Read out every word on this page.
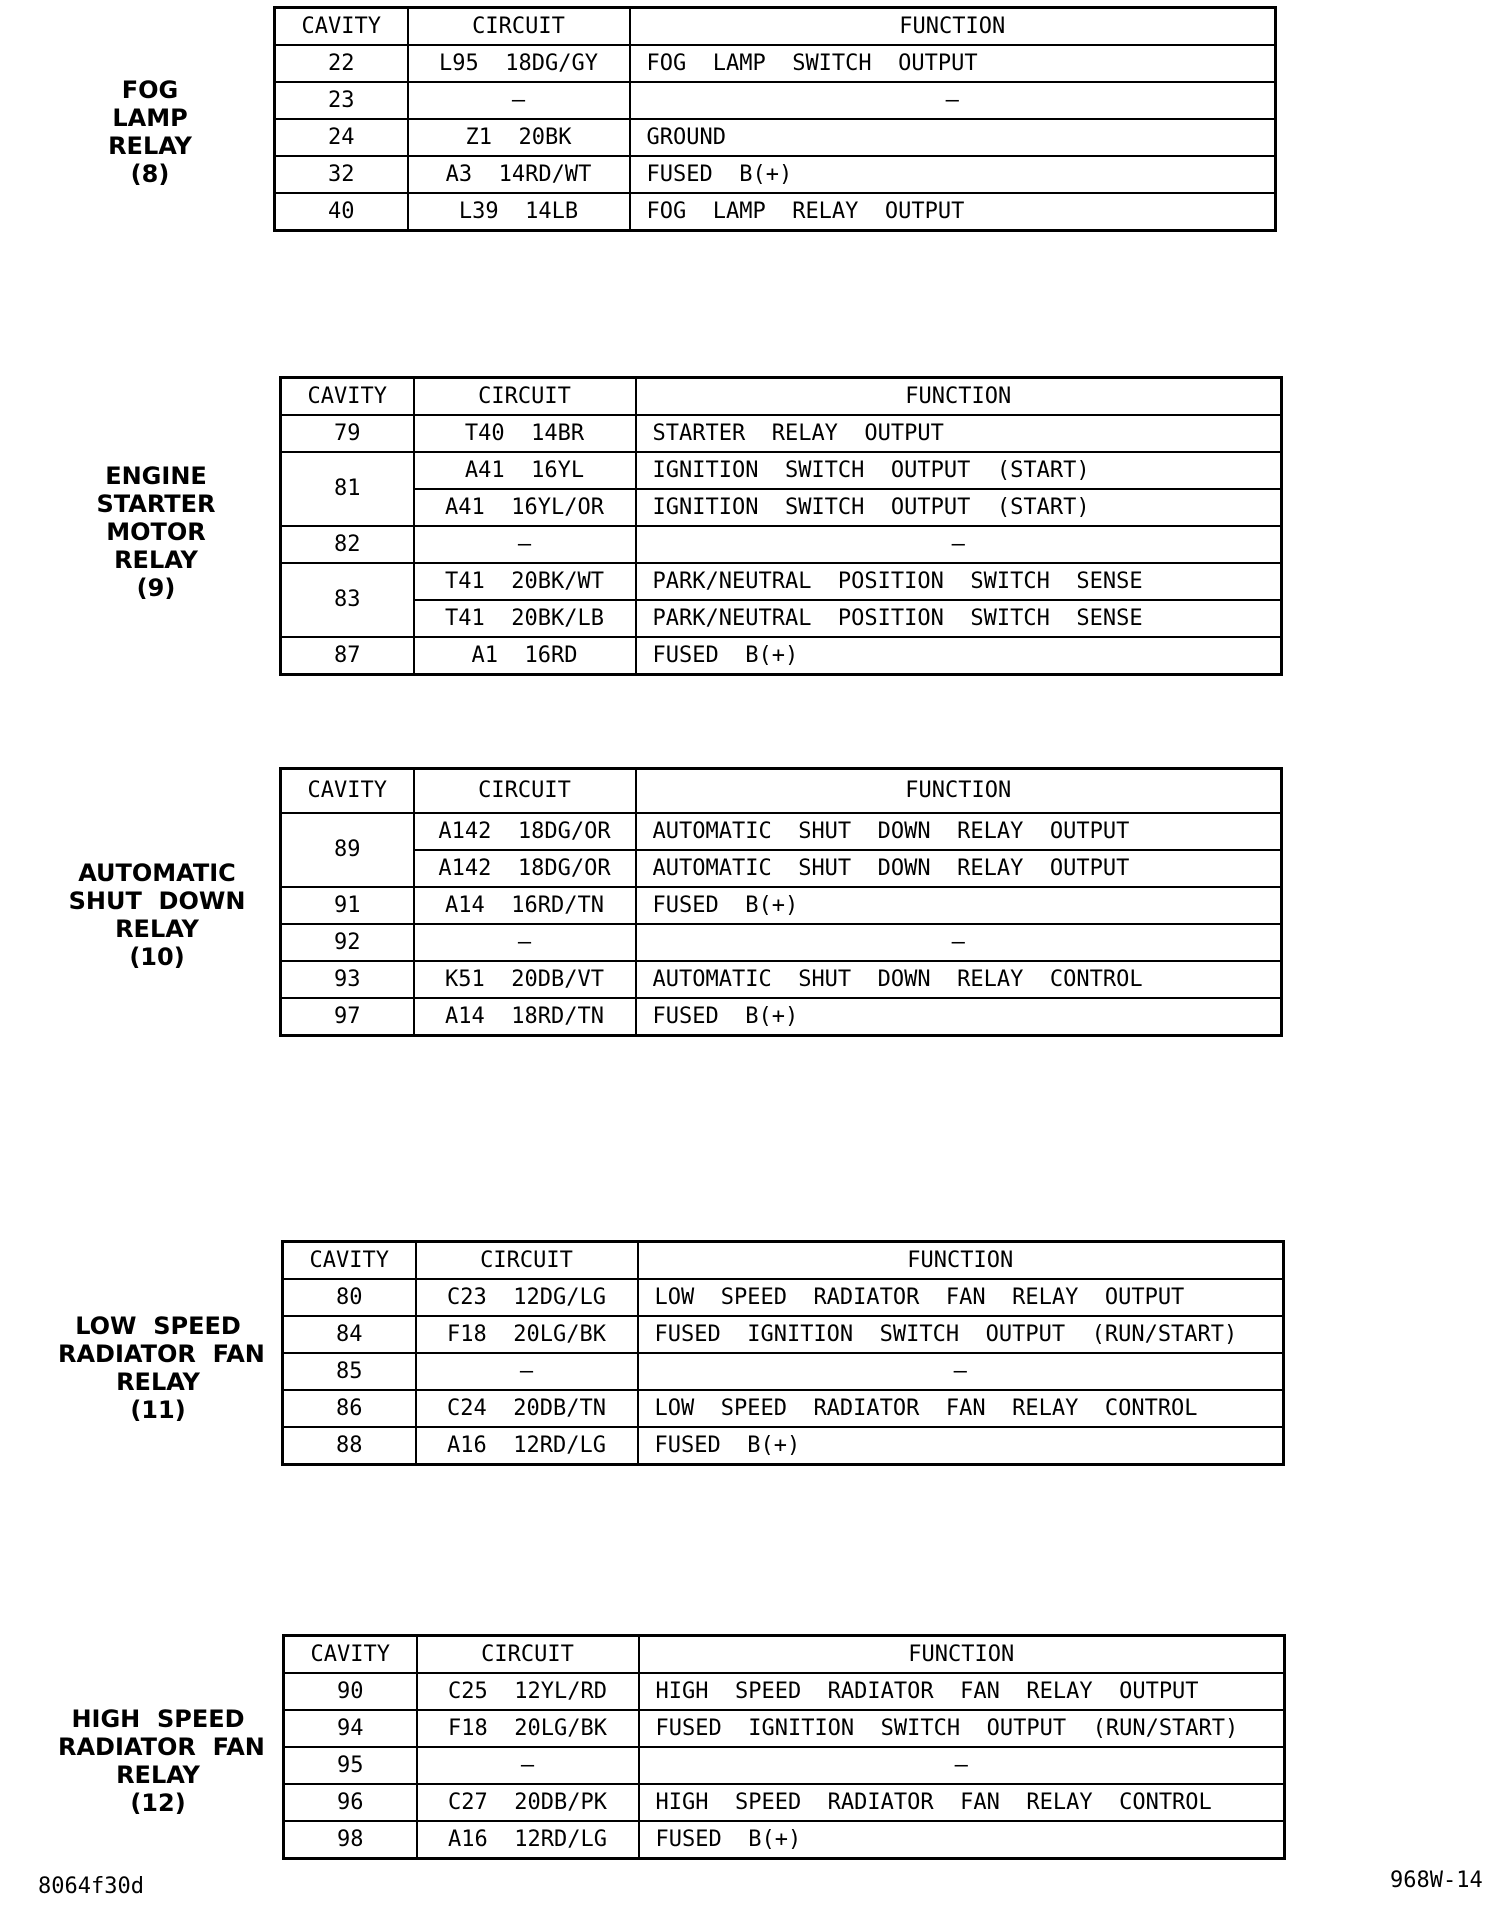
FOG
LAMP
RELAY
(8)
CAVITY	CIRCUIT	FUNCTION
22	L95  18DG/GY	FOG  LAMP  SWITCH  OUTPUT
23	–	–
24	Z1  20BK	GROUND
32	A3  14RD/WT	FUSED  B(+)
40	L39  14LB	FOG  LAMP  RELAY  OUTPUT
ENGINE
STARTER
MOTOR
RELAY
(9)
CAVITY	CIRCUIT	FUNCTION
79	T40  14BR	STARTER  RELAY  OUTPUT
81	A41  16YL	IGNITION  SWITCH  OUTPUT  (START)
	A41  16YL/OR	IGNITION  SWITCH  OUTPUT  (START)
82	–	–
83	T41  20BK/WT	PARK/NEUTRAL  POSITION  SWITCH  SENSE
	T41  20BK/LB	PARK/NEUTRAL  POSITION  SWITCH  SENSE
87	A1  16RD	FUSED  B(+)
AUTOMATIC
SHUT  DOWN
RELAY
(10)
CAVITY	CIRCUIT	FUNCTION
89	A142  18DG/OR	AUTOMATIC  SHUT  DOWN  RELAY  OUTPUT
	A142  18DG/OR	AUTOMATIC  SHUT  DOWN  RELAY  OUTPUT
91	A14  16RD/TN	FUSED  B(+)
92	–	–
93	K51  20DB/VT	AUTOMATIC  SHUT  DOWN  RELAY  CONTROL
97	A14  18RD/TN	FUSED  B(+)
LOW  SPEED
RADIATOR  FAN
RELAY
(11)
CAVITY	CIRCUIT	FUNCTION
80	C23  12DG/LG	LOW  SPEED  RADIATOR  FAN  RELAY  OUTPUT
84	F18  20LG/BK	FUSED  IGNITION  SWITCH  OUTPUT  (RUN/START)
85	–	–
86	C24  20DB/TN	LOW  SPEED  RADIATOR  FAN  RELAY  CONTROL
88	A16  12RD/LG	FUSED  B(+)
HIGH  SPEED
RADIATOR  FAN
RELAY
(12)
CAVITY	CIRCUIT	FUNCTION
90	C25  12YL/RD	HIGH  SPEED  RADIATOR  FAN  RELAY  OUTPUT
94	F18  20LG/BK	FUSED  IGNITION  SWITCH  OUTPUT  (RUN/START)
95	–	–
96	C27  20DB/PK	HIGH  SPEED  RADIATOR  FAN  RELAY  CONTROL
98	A16  12RD/LG	FUSED  B(+)
8064f30d	968W-14
